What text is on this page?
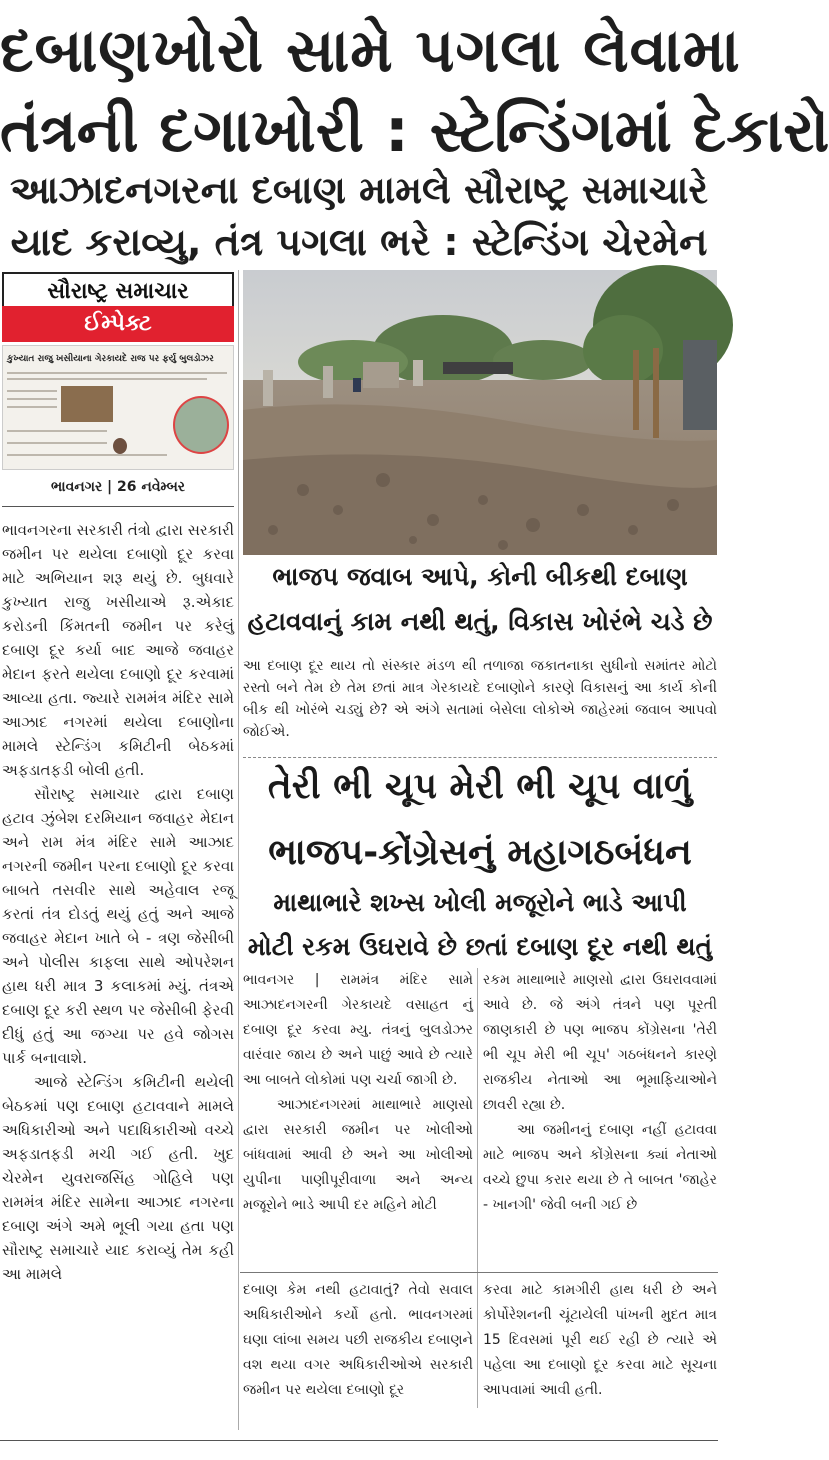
દબાણખોરો સામે પગલા લેવામા
તંત્રની દગાખોરી : સ્ટેન્ડિંગમાં દેકારો
આઝાદનગરના દબાણ મામલે સૌરાષ્ટ્ર સમાચારે
યાદ કરાવ્યુ, તંત્ર પગલા ભરે : સ્ટેન્ડિંગ ચેરમેન
સૌરાષ્ટ્ર સમાચાર
ઈમ્પેક્ટ
કુખ્યાત રાજુ ખસીયાના ગેરકાયદે રાજ પર ફર્યુ બુલડોઝર
ભાવનગર | 26 નવેમ્બર

ભાવનગરના સરકારી તંત્રો દ્વારા સરકારી જમીન પર થયેલા દબાણો દૂર કરવા માટે અભિયાન શરૂ થયું છે. બુધવારે કુખ્યાત રાજુ ખસીયાએ રૂ.એકાદ કરોડની કિંમતની જમીન પર કરેલું દબાણ દૂર કર્યા બાદ આજે જવાહર મેદાન ફરતે થયેલા દબાણો દૂર કરવામાં આવ્યા હતા. જ્યારે રામમંત્ર મંદિર સામે આઝાદ નગરમાં થયેલા દબાણોના મામલે સ્ટેન્ડિંગ કમિટીની બેઠકમાં અફડાતફડી બોલી હતી.

સૌરાષ્ટ્ર સમાચાર દ્વારા દબાણ હટાવ ઝુંબેશ દરમિયાન જવાહર મેદાન અને રામ મંત્ર મંદિર સામે આઝાદ નગરની જમીન પરના દબાણો દૂર કરવા બાબતે તસવીર સાથે અહેવાલ રજૂ કરતાં તંત્ર દોડતું થયું હતું અને આજે જવાહર મેદાન ખાતે બે - ત્રણ જેસીબી અને પોલીસ કાફલા સાથે ઓપરેશન હાથ ધરી માત્ર 3 કલાકમાં મ્યું. તંત્રએ દબાણ દૂર કરી સ્થળ પર જેસીબી ફેરવી દીધું હતું આ જગ્યા પર હવે જોગસ પાર્ક બનાવાશે.

આજે સ્ટેન્ડિંગ કમિટીની થયેલી બેઠકમાં પણ દબાણ હટાવવાને મામલે અધિકારીઓ અને પદાધિકારીઓ વચ્ચે અફડાતફડી મચી ગઈ હતી. ખુદ ચેરમેન યુવરાજસિંહ ગોહિલે પણ રામમંત્ર મંદિર સામેના આઝાદ નગરના દબાણ અંગે અમે ભૂલી ગયા હતા પણ સૌરાષ્ટ્ર સમાચારે યાદ કરાવ્યું તેમ કહી આ મામલે

ભાજપ જવાબ આપે, કોની બીકથી દબાણ
હટાવવાનું કામ નથી થતું, વિકાસ ખોરંભે ચડે છે
આ દબાણ દૂર થાય તો સંસ્કાર મંડળ થી તળાજા જકાતનાકા સુધીનો સમાંતર મોટો રસ્તો બને તેમ છે તેમ છતાં માત્ર ગેરકાયદે દબાણોને કારણે વિકાસનું આ કાર્ય કોની બીક થી ખોરંભે ચડ્યું છે? એ અંગે સતામાં બેસેલા લોકોએ જાહેરમાં જવાબ આપવો જોઈએ.
તેરી ભી ચૂપ મેરી ભી ચૂપ વાળું
ભાજપ-કોંગ્રેસનું મહાગઠબંધન
માથાભારે શખ્સ ખોલી મજૂરોને ભાડે આપી
મોટી રકમ ઉઘરાવે છે છતાં દબાણ દૂર નથી થતું

ભાવનગર | રામમંત્ર મંદિર સામે આઝાદનગરની ગેરકાયદે વસાહત નું દબાણ દૂર કરવા મ્યુ. તંત્રનું બુલડોઝર વારંવાર જાય છે અને પાછું આવે છે ત્યારે આ બાબતે લોકોમાં પણ ચર્ચા જાગી છે.

આઝાદનગરમાં માથાભારે માણસો દ્વારા સરકારી જમીન પર ખોલીઓ બાંધવામાં આવી છે અને આ ખોલીઓ યુપીના પાણીપૂરીવાળા અને અન્ય મજૂરોને ભાડે આપી દર મહિને મોટી

રકમ માથાભારે માણસો દ્વારા ઉઘરાવવામાં આવે છે. જે અંગે તંત્રને પણ પૂરતી જાણકારી છે પણ ભાજપ કોંગ્રેસના 'તેરી ભી ચૂપ મેરી ભી ચૂપ' ગઠબંધનને કારણે રાજકીય નેતાઓ આ ભૂમાફિયાઓને છાવરી રહ્યા છે.

આ જમીનનું દબાણ નહીં હટાવવા માટે ભાજપ અને કોંગ્રેસના ક્યાં નેતાઓ વચ્ચે છુપા કરાર થયા છે તે બાબત 'જાહેર - ખાનગી' જેવી બની ગઈ છે

દબાણ કેમ નથી હટાવાતું? તેવો સવાલ અધિકારીઓને કર્યો હતો. ભાવનગરમાં ઘણા લાંબા સમય પછી રાજકીય દબાણને વશ થયા વગર અધિકારીઓએ સરકારી જમીન પર થયેલા દબાણો દૂર
કરવા માટે કામગીરી હાથ ધરી છે અને કોર્પોરેશનની ચૂંટાયેલી પાંખની મુદત માત્ર 15 દિવસમાં પૂરી થઈ રહી છે ત્યારે એ પહેલા આ દબાણો દૂર કરવા માટે સૂચના આપવામાં આવી હતી.
